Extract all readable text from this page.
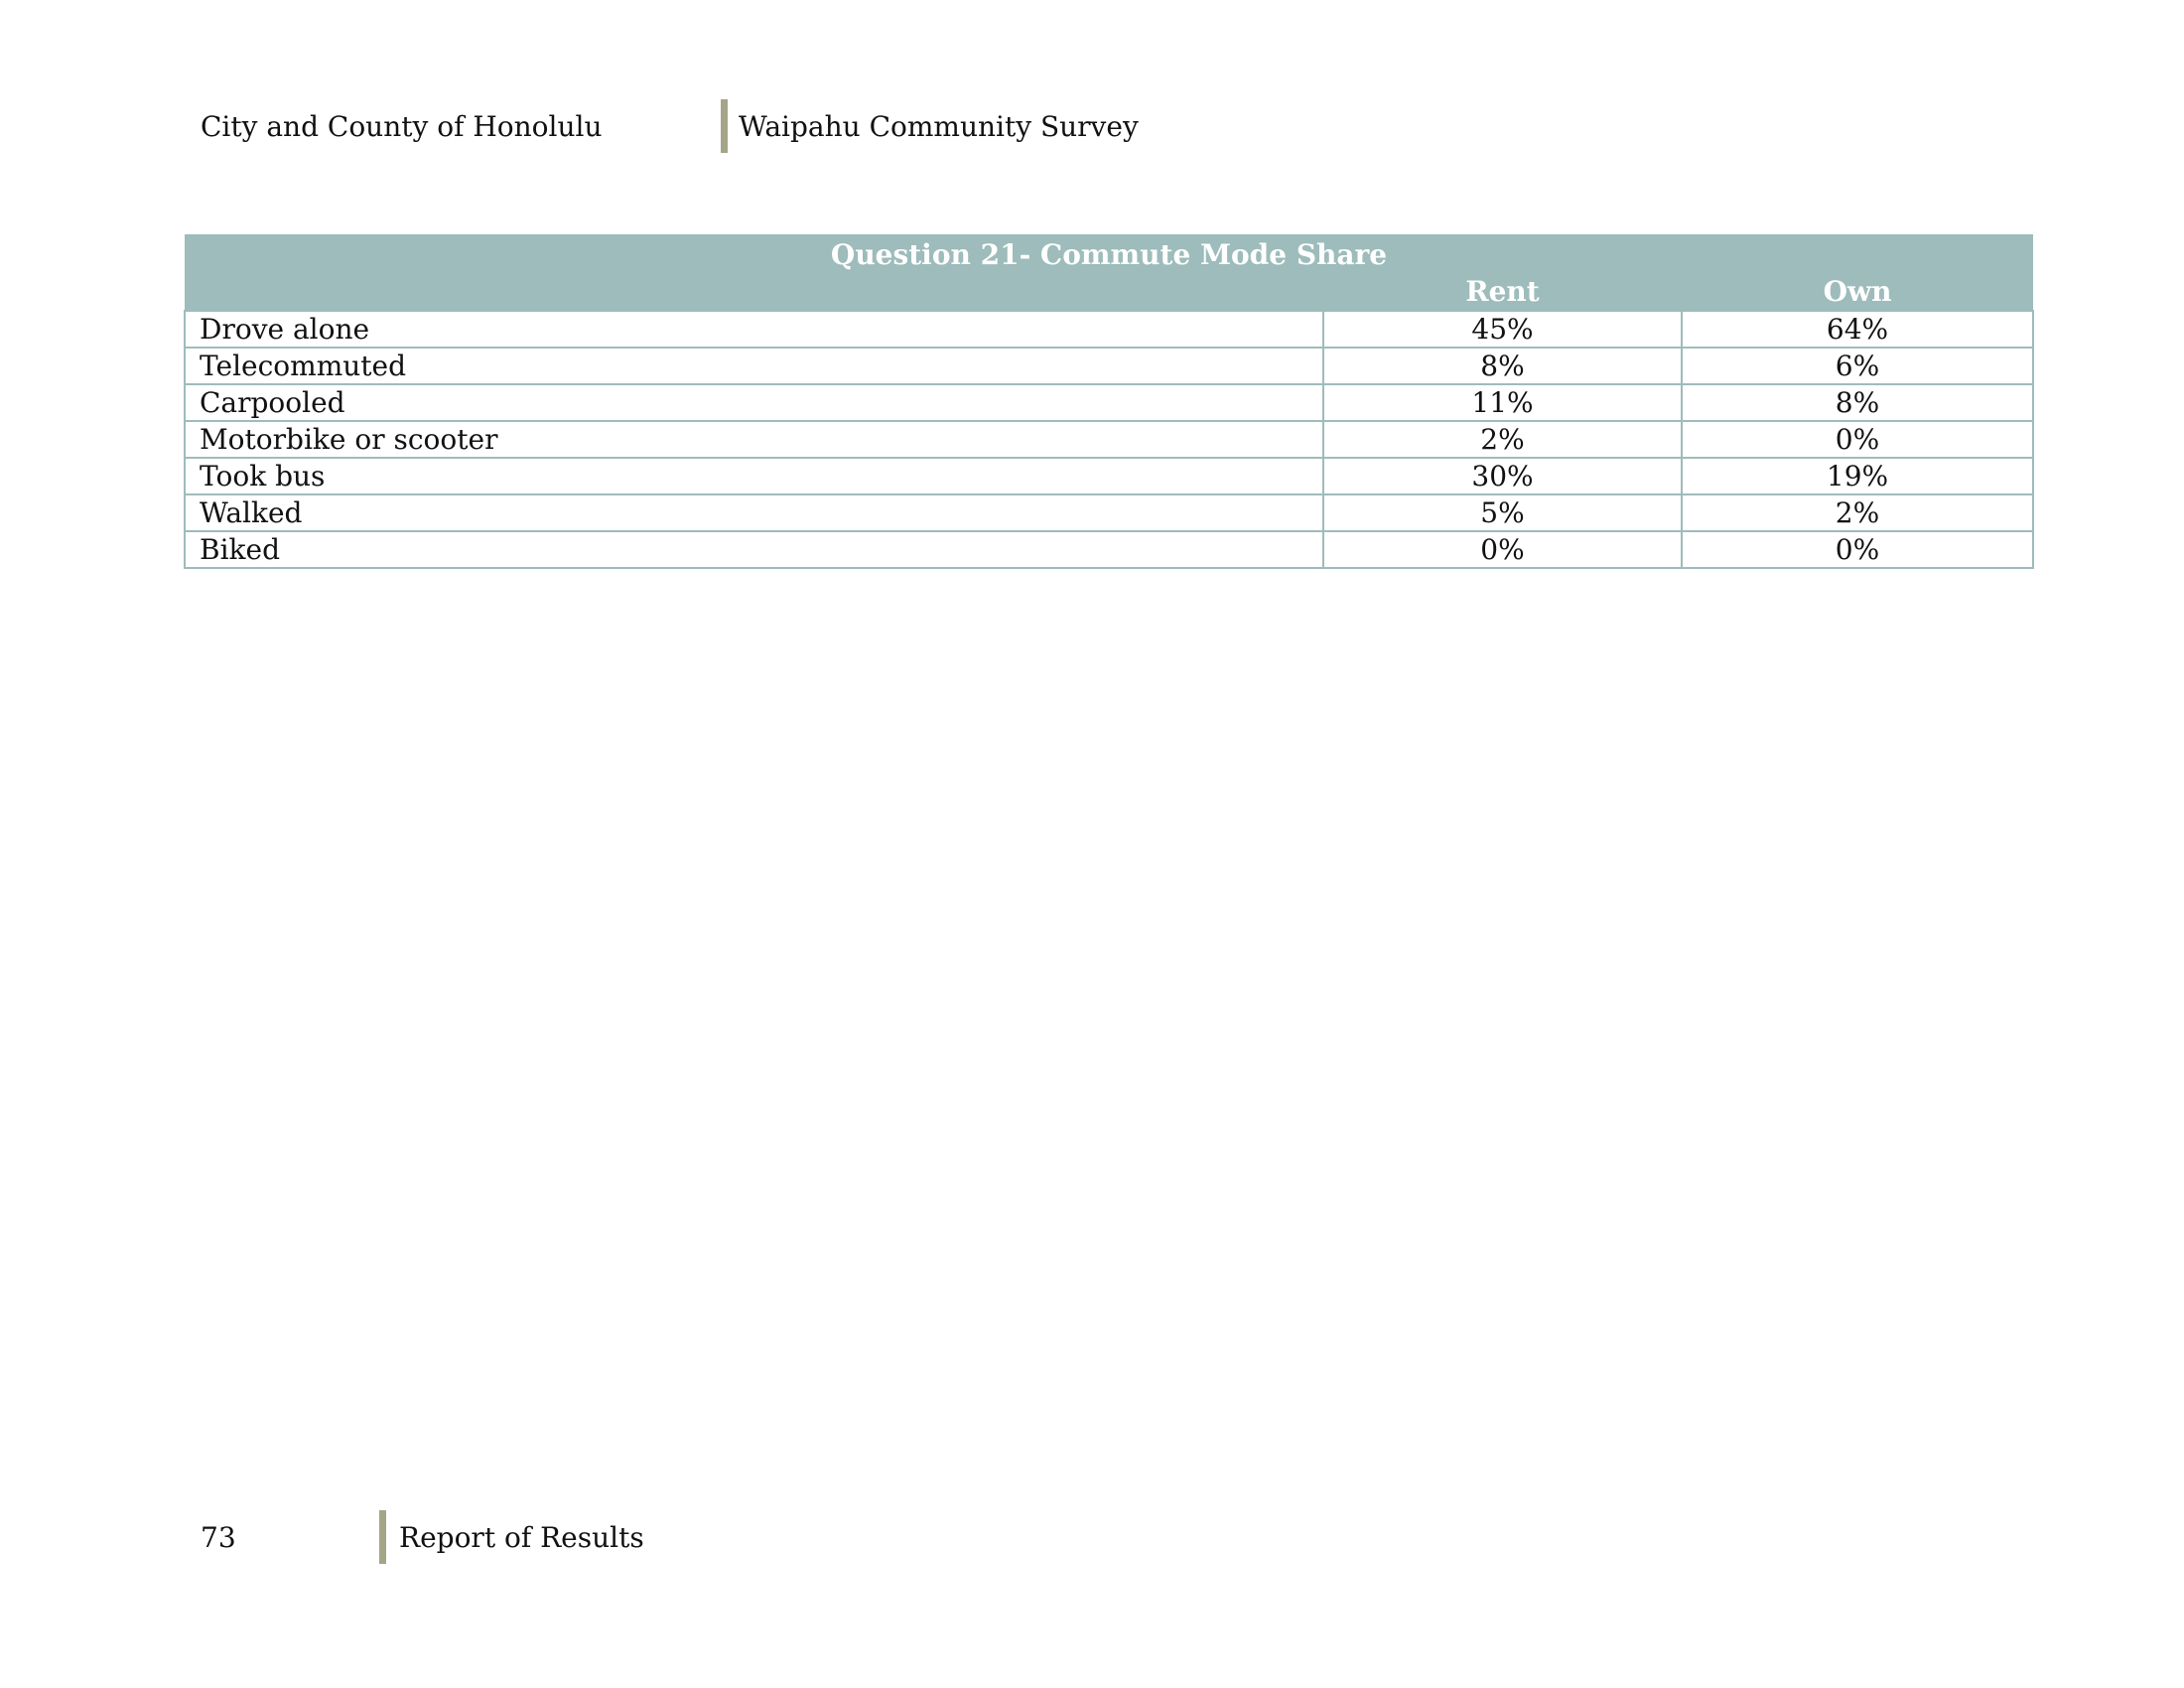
City and County of Honolulu	Waipahu Community Survey
Question 21- Commute Mode Share		
	Rent	Own
Drove alone	45%	64%
Telecommuted	8%	6%
Carpooled	11%	8%
Motorbike or scooter	2%	0%
Took bus	30%	19%
Walked	5%	2%
Biked	0%	0%
73	Report of Results
